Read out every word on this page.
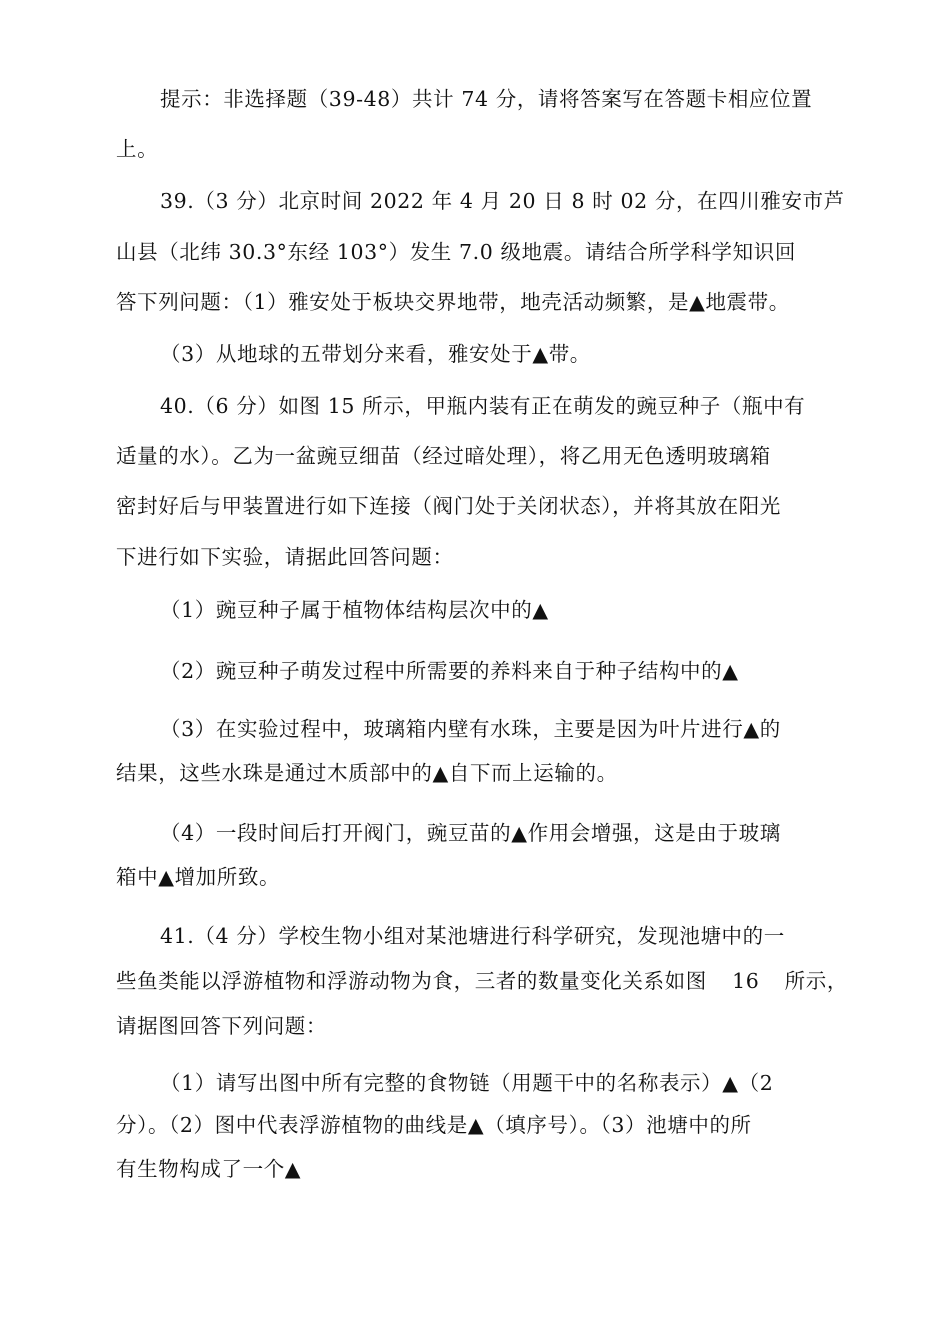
提示：非选择题（39-48）共计 74 分，请将答案写在答题卡相应位置
上。
39.（3 分）北京时间 2022 年 4 月 20 日 8 时 02 分，在四川雅安市芦
山县（北纬 30.3°东经 103°）发生 7.0 级地震。请结合所学科学知识回
答下列问题：（1）雅安处于板块交界地带，地壳活动频繁，是▲地震带。
（3）从地球的五带划分来看，雅安处于▲带。
40.（6 分）如图 15 所示，甲瓶内装有正在萌发的豌豆种子（瓶中有
适量的水）。乙为一盆豌豆细苗（经过暗处理），将乙用无色透明玻璃箱
密封好后与甲装置进行如下连接（阀门处于关闭状态），并将其放在阳光
下进行如下实验，请据此回答问题：
（1）豌豆种子属于植物体结构层次中的▲
（2）豌豆种子萌发过程中所需要的养料来自于种子结构中的▲
（3）在实验过程中，玻璃箱内壁有水珠，主要是因为叶片进行▲的
结果，这些水珠是通过木质部中的▲自下而上运输的。
（4）一段时间后打开阀门，豌豆苗的▲作用会增强，这是由于玻璃
箱中▲增加所致。
41.（4 分）学校生物小组对某池塘进行科学研究，发现池塘中的一
些鱼类能以浮游植物和浮游动物为食，三者的数量变化关系如图 16 所示，
请据图回答下列问题：
（1）请写出图中所有完整的食物链（用题干中的名称表示）▲（2
分）。（2）图中代表浮游植物的曲线是▲（填序号）。（3）池塘中的所
有生物构成了一个▲
